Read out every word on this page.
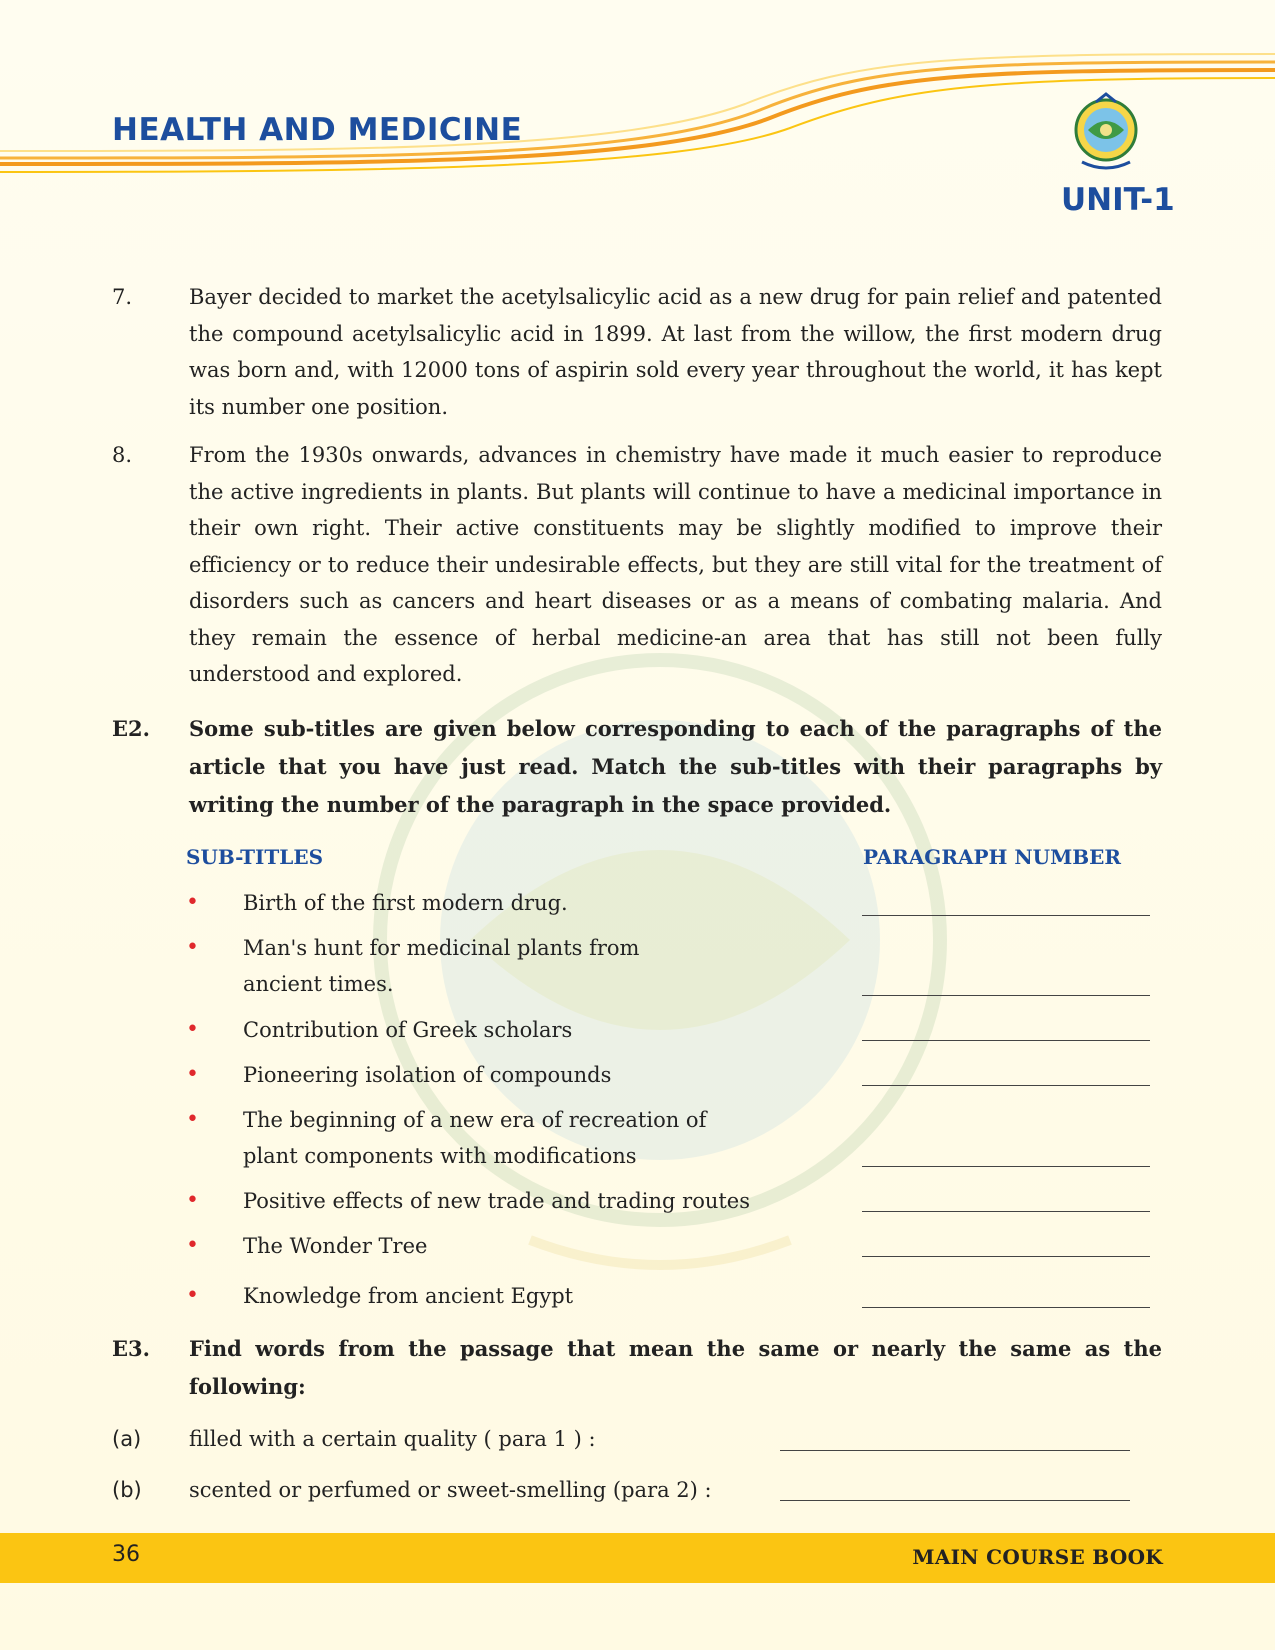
HEALTH AND MEDICINE
UNIT-1
7.	Bayer decided to market the acetylsalicylic acid as a new drug for pain relief and patented the compound acetylsalicylic acid in 1899. At last from the willow, the first modern drug was born and, with 12000 tons of aspirin sold every year throughout the world, it has kept its number one position.
8.	From the 1930s onwards, advances in chemistry have made it much easier to reproduce the active ingredients in plants. But plants will continue to have a medicinal importance in their own right. Their active constituents may be slightly modified to improve their efficiency or to reduce their undesirable effects, but they are still vital for the treatment of disorders such as cancers and heart diseases or as a means of combating malaria. And they remain the essence of herbal medicine-an area that has still not been fully understood and explored.
E2. Some sub-titles are given below corresponding to each of the paragraphs of the article that you have just read. Match the sub-titles with their paragraphs by writing the number of the paragraph in the space provided.
SUB-TITLES	PARAGRAPH NUMBER
• Birth of the first modern drug.
• Man's hunt for medicinal plants from
ancient times.
• Contribution of Greek scholars
• Pioneering isolation of compounds
• The beginning of a new era of recreation of
plant components with modifications
• Positive effects of new trade and trading routes
• The Wonder Tree
• Knowledge from ancient Egypt
E3. Find words from the passage that mean the same or nearly the same as the following:
(a) filled with a certain quality ( para 1 ) :
(b) scented or perfumed or sweet-smelling (para 2) :
36	MAIN COURSE BOOK
